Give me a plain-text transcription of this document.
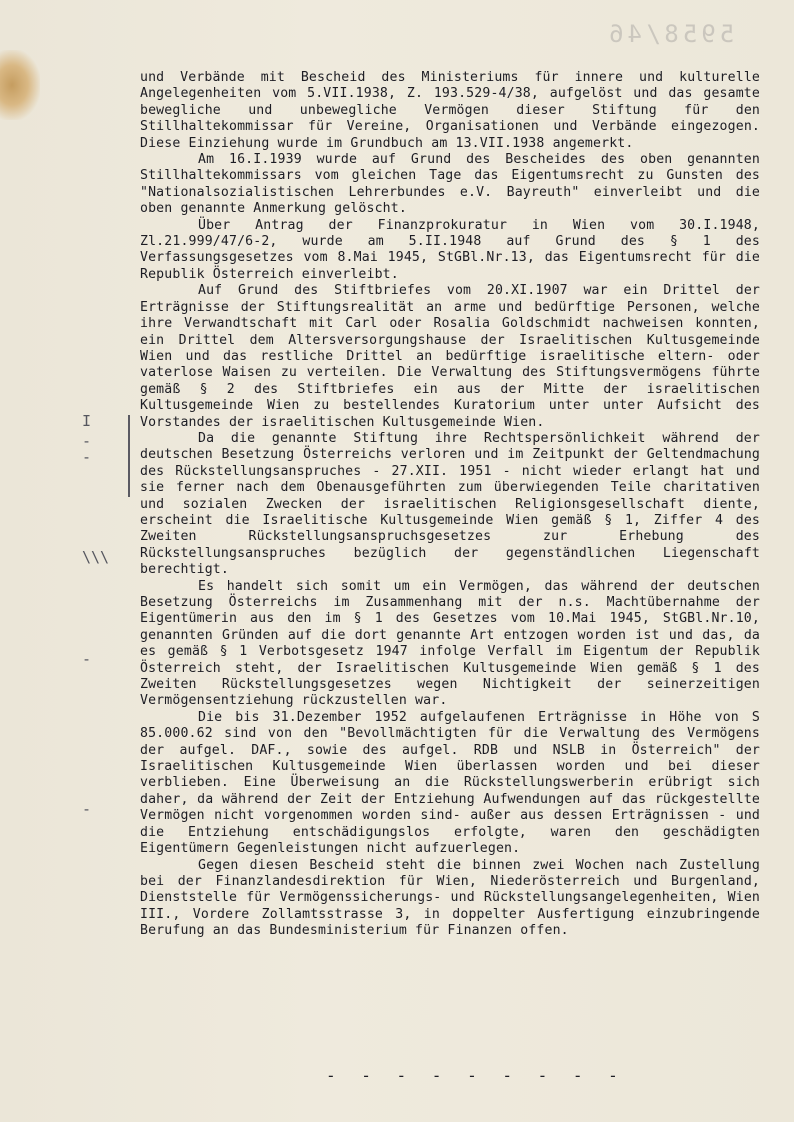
5958/46
I
-
-
\\\
-
-

und Verbände mit Bescheid des Ministeriums für innere und kulturelle Angelegenheiten vom 5.VII.1938, Z. 193.529-4/38, aufgelöst und das gesamte bewegliche und unbewegliche Vermögen dieser Stiftung für den Stillhaltekommissar für Vereine, Organisationen und Verbände eingezogen. Diese Einziehung wurde im Grundbuch am 13.VII.1938 angemerkt.

Am 16.I.1939 wurde auf Grund des Bescheides des oben genannten Stillhaltekommissars vom gleichen Tage das Eigentumsrecht zu Gunsten des "Nationalsozialistischen Lehrerbundes e.V. Bayreuth" einverleibt und die oben genannte Anmerkung gelöscht.

Über Antrag der Finanzprokuratur in Wien vom 30.I.1948, Zl.21.999/47/6-2, wurde am 5.II.1948 auf Grund des § 1 des Verfassungsgesetzes vom 8.Mai 1945, StGBl.Nr.13, das Eigentumsrecht für die Republik Österreich einverleibt.

Auf Grund des Stiftbriefes vom 20.XI.1907 war ein Drittel der Erträgnisse der Stiftungsrealität an arme und bedürftige Personen, welche ihre Verwandtschaft mit Carl oder Rosalia Goldschmidt nachweisen konnten, ein Drittel dem Altersversorgungshause der Israelitischen Kultusgemeinde Wien und das restliche Drittel an bedürftige israelitische eltern- oder vaterlose Waisen zu verteilen. Die Verwaltung des Stiftungsvermögens führte gemäß § 2 des Stiftbriefes ein aus der Mitte der israelitischen Kultusgemeinde Wien zu bestellendes Kuratorium unter unter Aufsicht des Vorstandes der israelitischen Kultusgemeinde Wien.

Da die genannte Stiftung ihre Rechtspersönlichkeit während der deutschen Besetzung Österreichs verloren und im Zeitpunkt der Geltendmachung des Rückstellungsanspruches - 27.XII. 1951 - nicht wieder erlangt hat und sie ferner nach dem Obenausgeführten zum überwiegenden Teile charitativen und sozialen Zwecken der israelitischen Religionsgesellschaft diente, erscheint die Israelitische Kultusgemeinde Wien gemäß § 1, Ziffer 4 des Zweiten Rückstellungsanspruchsgesetzes zur Erhebung des Rückstellungsanspruches bezüglich der gegenständlichen Liegenschaft berechtigt.

Es handelt sich somit um ein Vermögen, das während der deutschen Besetzung Österreichs im Zusammenhang mit der n.s. Machtübernahme der Eigentümerin aus den im § 1 des Gesetzes vom 10.Mai 1945, StGBl.Nr.10, genannten Gründen auf die dort genannte Art entzogen worden ist und das, da es gemäß § 1 Verbotsgesetz 1947 infolge Verfall im Eigentum der Republik Österreich steht, der Israelitischen Kultusgemeinde Wien gemäß § 1 des Zweiten Rückstellungsgesetzes wegen Nichtigkeit der seinerzeitigen Vermögensentziehung rückzustellen war.

Die bis 31.Dezember 1952 aufgelaufenen Erträgnisse in Höhe von S 85.000.62 sind von den "Bevollmächtigten für die Verwaltung des Vermögens der aufgel. DAF., sowie des aufgel. RDB und NSLB in Österreich" der Israelitischen Kultusgemeinde Wien überlassen worden und bei dieser verblieben. Eine Überweisung an die Rückstellungswerberin erübrigt sich daher, da während der Zeit der Entziehung Aufwendungen auf das rückgestellte Vermögen nicht vorgenommen worden sind- außer aus dessen Erträgnissen - und die Entziehung entschädigungslos erfolgte, waren den geschädigten Eigentümern Gegenleistungen nicht aufzuerlegen.

Gegen diesen Bescheid steht die binnen zwei Wochen nach Zustellung bei der Finanzlandesdirektion für Wien, Niederösterreich und Burgenland, Dienststelle für Vermögenssicherungs- und Rückstellungsangelegenheiten, Wien III., Vordere Zollamtsstrasse 3, in doppelter Ausfertigung einzubringende Berufung an das Bundesministerium für Finanzen offen.

- - - - - - - - -
